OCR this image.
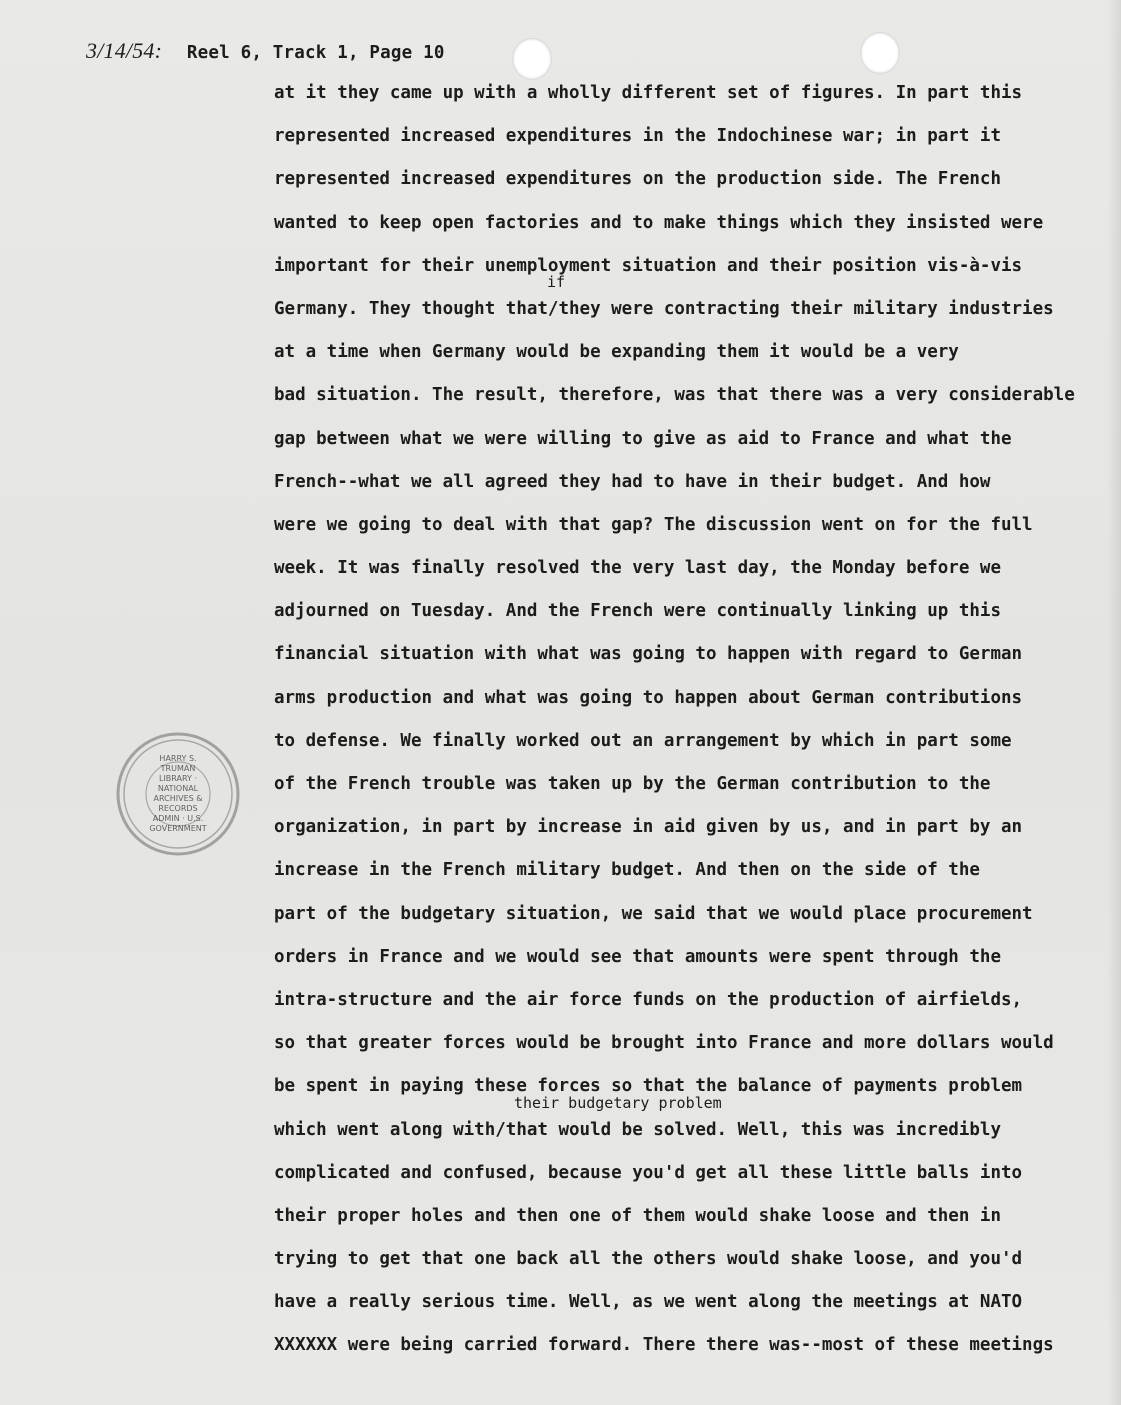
3/14/54: Reel 6, Track 1, Page 10
at it they came up with a wholly different set of figures. In part this
represented increased expenditures in the Indochinese war; in part it
represented increased expenditures on the production side. The French
wanted to keep open factories and to make things which they insisted were
important for their unemployment situation and their position vis-à-vis
if
Germany. They thought that/they were contracting their military industries
at a time when Germany would be expanding them it would be a very
bad situation. The result, therefore, was that there was a very considerable
gap between what we were willing to give as aid to France and what the
French--what we all agreed they had to have in their budget. And how
were we going to deal with that gap? The discussion went on for the full
week. It was finally resolved the very last day, the Monday before we
adjourned on Tuesday. And the French were continually linking up this
financial situation with what was going to happen with regard to German
arms production and what was going to happen about German contributions
to defense. We finally worked out an arrangement by which in part some
of the French trouble was taken up by the German contribution to the
organization, in part by increase in aid given by us, and in part by an
increase in the French military budget. And then on the side of the
part of the budgetary situation, we said that we would place procurement
orders in France and we would see that amounts were spent through the
intra-structure and the air force funds on the production of airfields,
so that greater forces would be brought into France and more dollars would
be spent in paying these forces so that the balance of payments problem
their budgetary problem
which went along with/that would be solved. Well, this was incredibly
complicated and confused, because you'd get all these little balls into
their proper holes and then one of them would shake loose and then in
trying to get that one back all the others would shake loose, and you'd
have a really serious time. Well, as we went along the meetings at NATO
XXXXXX were being carried forward. There there was--most of these meetings
HARRY S. TRUMAN LIBRARY · NATIONAL ARCHIVES & RECORDS ADMIN · U.S. GOVERNMENT
